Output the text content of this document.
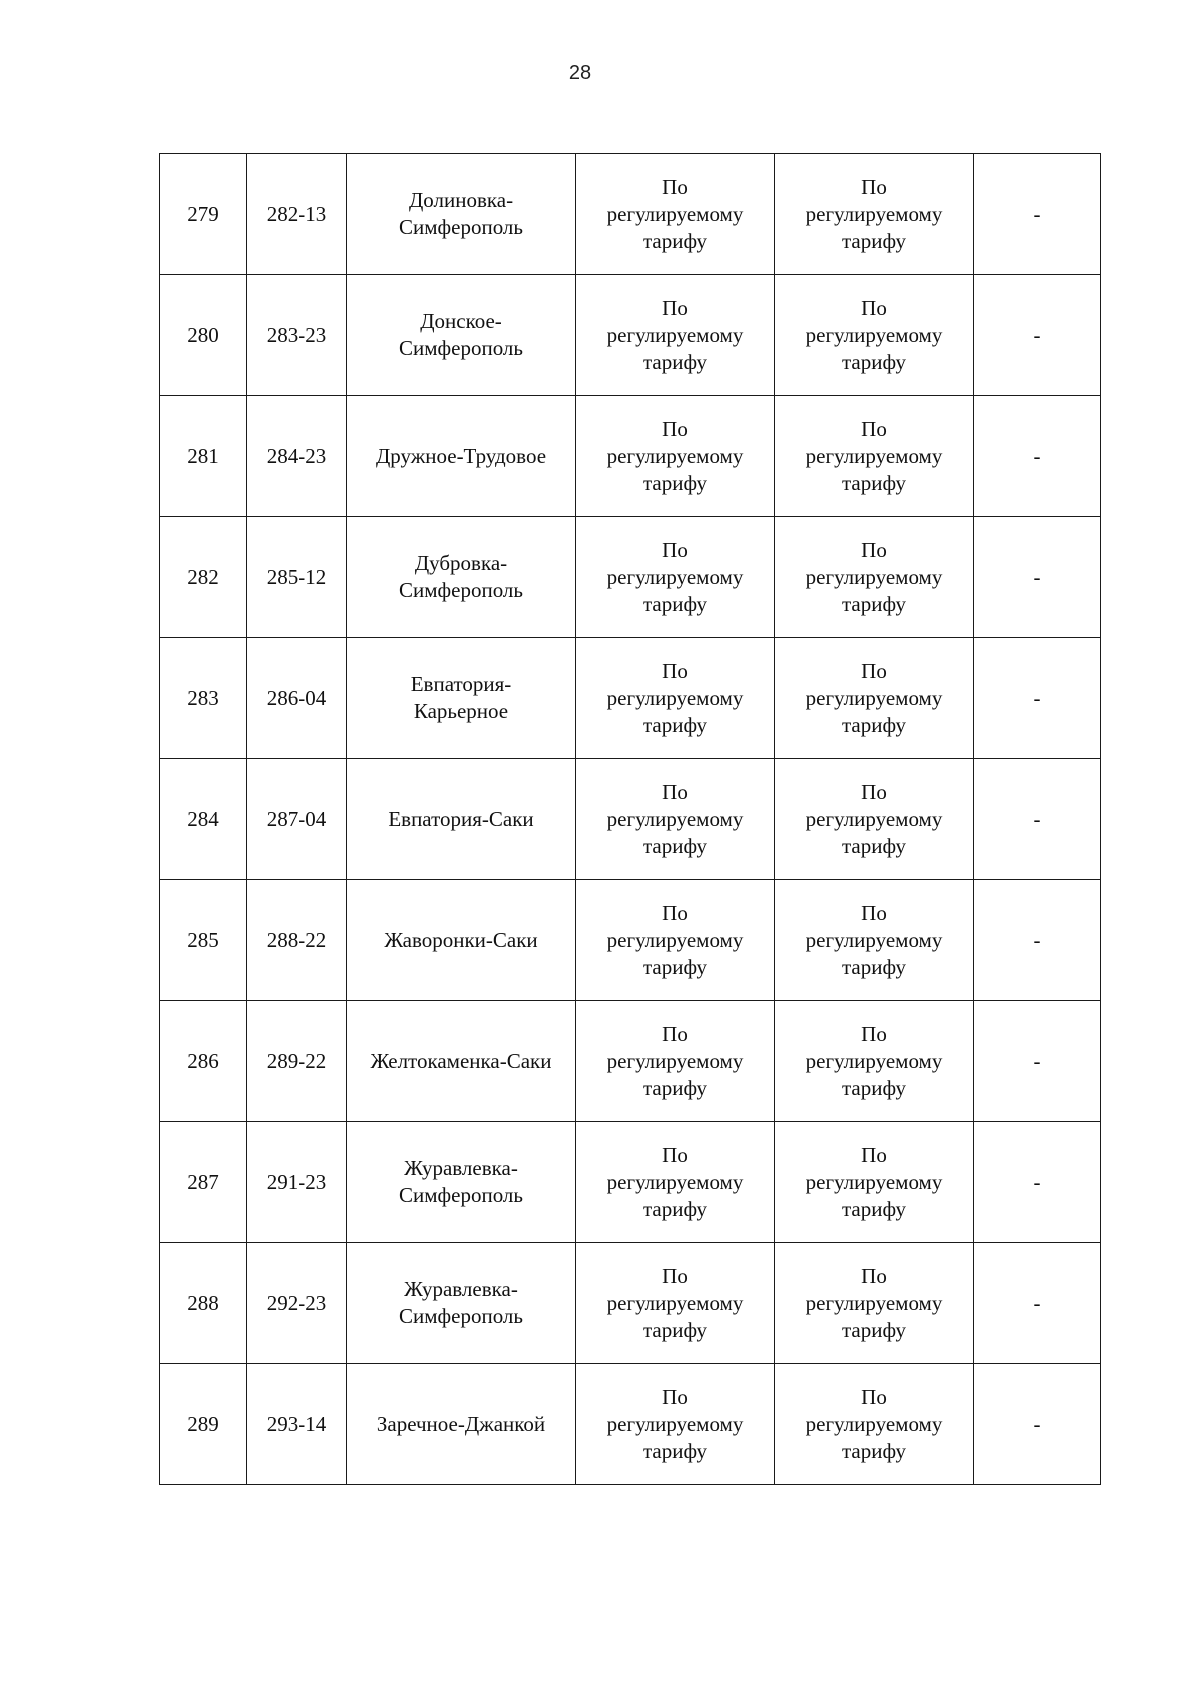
28
279	282-13	Долиновка-
Симферополь	По
регулируемому
тарифу	По
регулируемому
тарифу	-
280	283-23	Донское-
Симферополь	По
регулируемому
тарифу	По
регулируемому
тарифу	-
281	284-23	Дружное-Трудовое	По
регулируемому
тарифу	По
регулируемому
тарифу	-
282	285-12	Дубровка-
Симферополь	По
регулируемому
тарифу	По
регулируемому
тарифу	-
283	286-04	Евпатория-
Карьерное	По
регулируемому
тарифу	По
регулируемому
тарифу	-
284	287-04	Евпатория-Саки	По
регулируемому
тарифу	По
регулируемому
тарифу	-
285	288-22	Жаворонки-Саки	По
регулируемому
тарифу	По
регулируемому
тарифу	-
286	289-22	Желтокаменка-Саки	По
регулируемому
тарифу	По
регулируемому
тарифу	-
287	291-23	Журавлевка-
Симферополь	По
регулируемому
тарифу	По
регулируемому
тарифу	-
288	292-23	Журавлевка-
Симферополь	По
регулируемому
тарифу	По
регулируемому
тарифу	-
289	293-14	Заречное-Джанкой	По
регулируемому
тарифу	По
регулируемому
тарифу	-
